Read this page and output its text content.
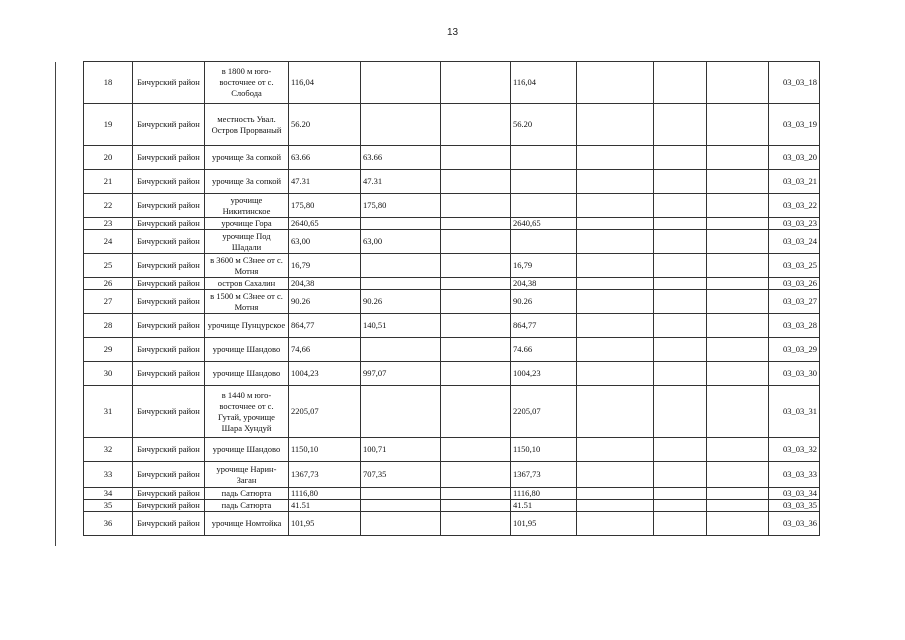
13
18	Бичурский район	в 1800 м юго-восточнее от с. Слобода	116,04			116,04				03_03_18
19	Бичурский район	местность Увал. Остров Прорваный	56.20			56.20				03_03_19
20	Бичурский район	урочище За сопкой	63.66	63.66						03_03_20
21	Бичурский район	урочище За сопкой	47.31	47.31						03_03_21
22	Бичурский район	урочище Никитинское	175,80	175,80						03_03_22
23	Бичурский район	урочище Гора	2640,65			2640,65				03_03_23
24	Бичурский район	урочище Под Шадали	63,00	63,00						03_03_24
25	Бичурский район	в 3600 м СЗнее от с. Мотня	16,79			16,79				03_03_25
26	Бичурский район	остров Сахалин	204,38			204,38				03_03_26
27	Бичурский район	в 1500 м СЗнее от с. Мотня	90.26	90.26		90.26				03_03_27
28	Бичурский район	урочище Пунцурское	864,77	140,51		864,77				03_03_28
29	Бичурский район	урочище Шандово	74,66			74.66				03_03_29
30	Бичурский район	урочище Шандово	1004,23	997,07		1004,23				03_03_30
31	Бичурский район	в 1440 м юго-восточнее от с. Гутай, урочище Шара Хундуй	2205,07			2205,07				03_03_31
32	Бичурский район	урочище Шандово	1150,10	100,71		1150,10				03_03_32
33	Бичурский район	урочище Нарин-Заган	1367,73	707,35		1367,73				03_03_33
34	Бичурский район	падь Сатюрта	1116,80			1116,80				03_03_34
35	Бичурский район	падь Сатюрта	41.51			41.51				03_03_35
36	Бичурский район	урочище Номтойка	101,95			101,95				03_03_36
